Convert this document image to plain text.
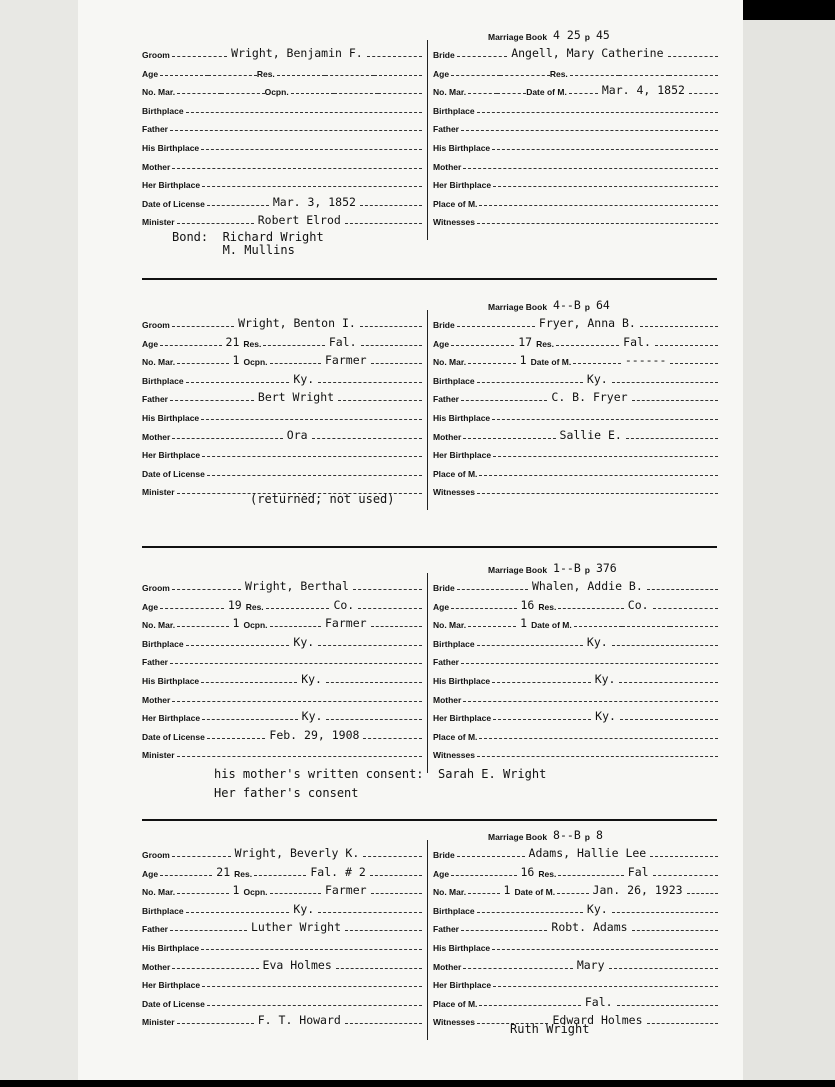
Marriage Book 4 25 p 45
Groom	Wright, Benjamin F.
Age	Res.
No. Mar.	Ocpn.
Birthplace
Father
His Birthplace
Mother
Her Birthplace
Date of License	Mar. 3, 1852
Minister	Robert Elrod
Bride	Angell, Mary Catherine
Age	Res.
No. Mar.	Date of M.	Mar. 4, 1852
Birthplace
Father
His Birthplace
Mother
Her Birthplace
Place of M.
Witnesses
Bond:  Richard Wright
M. Mullins
Marriage Book 4--B p 64
Groom	Wright, Benton I.
Age	21 Res.	Fal.
No. Mar.	1 Ocpn.	Farmer
Birthplace	Ky.
Father	Bert Wright
His Birthplace
Mother	Ora
Her Birthplace
Date of License
Minister
Bride	Fryer, Anna B.
Age	17 Res.	Fal.
No. Mar.	1 Date of M.	------
Birthplace	Ky.
Father	C. B. Fryer
His Birthplace
Mother	Sallie E.
Her Birthplace
Place of M.
Witnesses
(returned; not used)
Marriage Book 1--B p 376
Groom	Wright, Berthal
Age	19 Res.	Co.
No. Mar.	1 Ocpn.	Farmer
Birthplace	Ky.
Father
His Birthplace	Ky.
Mother
Her Birthplace	Ky.
Date of License	Feb. 29, 1908
Minister
Bride	Whalen, Addie B.
Age	16 Res.	Co.
No. Mar.	1 Date of M.
Birthplace	Ky.
Father
His Birthplace	Ky.
Mother
Her Birthplace	Ky.
Place of M.
Witnesses
his mother's written consent:  Sarah E. Wright
Her father's consent
Marriage Book 8--B p 8
Groom	Wright, Beverly K.
Age	21 Res.	Fal. # 2
No. Mar.	1 Ocpn.	Farmer
Birthplace	Ky.
Father	Luther Wright
His Birthplace
Mother	Eva Holmes
Her Birthplace
Date of License
Minister	F. T. Howard
Bride	Adams, Hallie Lee
Age	16 Res.	Fal
No. Mar.	1 Date of M.	Jan. 26, 1923
Birthplace	Ky.
Father	Robt. Adams
His Birthplace
Mother	Mary
Her Birthplace
Place of M.	Fal.
Witnesses	Edward Holmes
Ruth Wright
